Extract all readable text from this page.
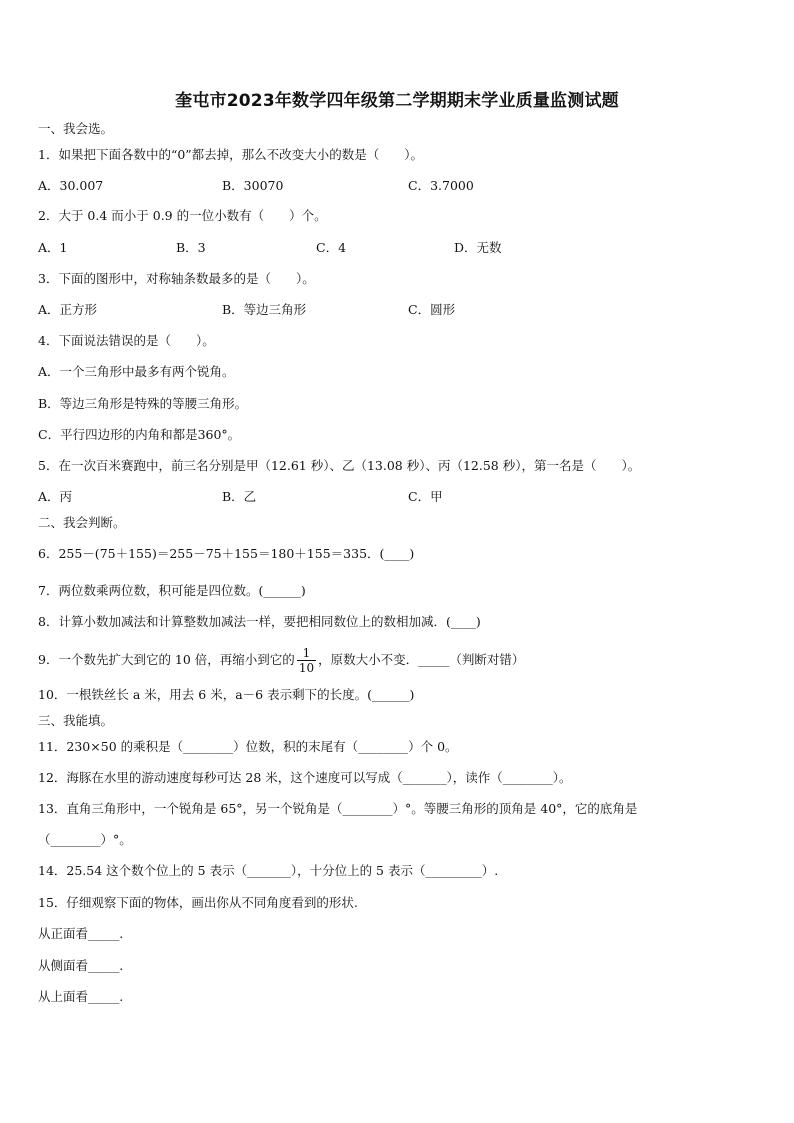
奎屯市2023年数学四年级第二学期期末学业质量监测试题
一、我会选。
1．如果把下面各数中的“0”都去掉，那么不改变大小的数是（　　）。
A．30.007	B．30070	C．3.7000
2．大于 0.4 而小于 0.9 的一位小数有（　　）个。
A．1	B．3	C．4	D．无数
3．下面的图形中，对称轴条数最多的是（　　）。
A．正方形	B．等边三角形	C．圆形
4．下面说法错误的是（　　）。
A．一个三角形中最多有两个锐角。
B．等边三角形是特殊的等腰三角形。
C．平行四边形的内角和都是360°。
5．在一次百米赛跑中，前三名分别是甲（12.61 秒）、乙（13.08 秒）、丙（12.58 秒），第一名是（　　）。
A．丙	B．乙	C．甲
二、我会判断。
6．255－(75＋155)＝255－75＋155＝180＋155＝335．(____)
7．两位数乘两位数，积可能是四位数。(______)
8．计算小数加减法和计算整数加减法一样，要把相同数位上的数相加减．(____)
9．一个数先扩大到它的 10 倍，再缩小到它的 $\frac{1}{10}$ ，原数大小不变．_____（判断对错）
10．一根铁丝长 a 米，用去 6 米，a－6 表示剩下的长度。(______)
三、我能填。
11．230×50 的乘积是（________）位数，积的末尾有（________）个 0。
12．海豚在水里的游动速度每秒可达 28 米，这个速度可以写成（_______），读作（________）。
13．直角三角形中，一个锐角是 65°，另一个锐角是（________）°。等腰三角形的顶角是 40°，它的底角是
（________）°。
14．25.54 这个数个位上的 5 表示（_______），十分位上的 5 表示（_________）.
15．仔细观察下面的物体，画出你从不同角度看到的形状.
从正面看_____.
从侧面看_____.
从上面看_____.
